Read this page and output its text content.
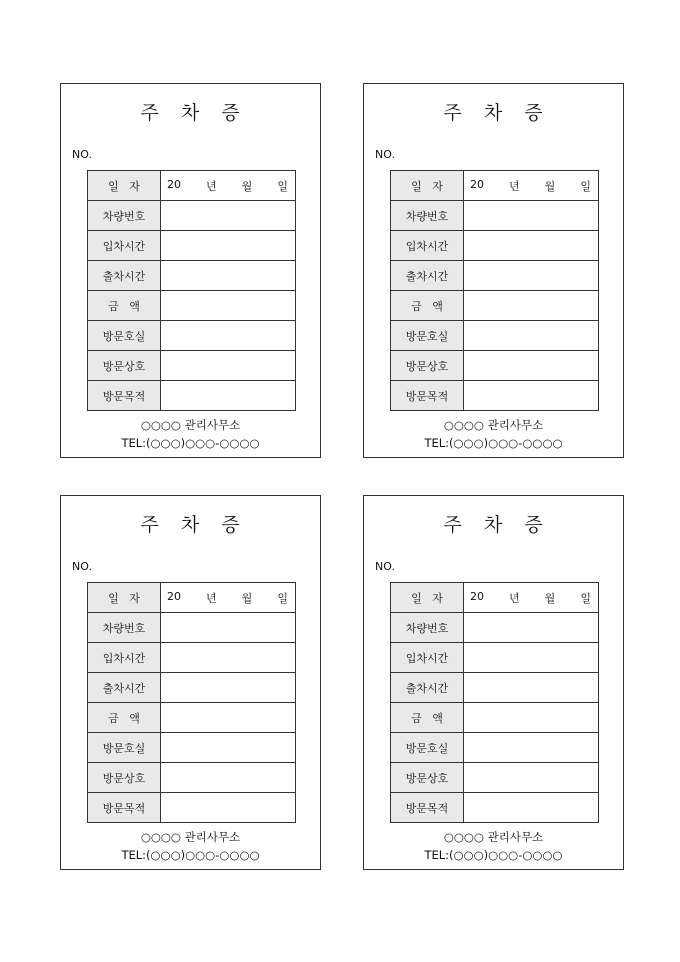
주 차 증
NO.
일   자	20 년 월 일

차량번호	
입차시간	
출차시간	
금   액	
방문호실	
방문상호	
방문목적	
○○○○ 관리사무소
TEL:(○○○)○○○-○○○○
주 차 증
NO.
일   자	20 년 월 일

차량번호	
입차시간	
출차시간	
금   액	
방문호실	
방문상호	
방문목적	
○○○○ 관리사무소
TEL:(○○○)○○○-○○○○
주 차 증
NO.
일   자	20 년 월 일

차량번호	
입차시간	
출차시간	
금   액	
방문호실	
방문상호	
방문목적	
○○○○ 관리사무소
TEL:(○○○)○○○-○○○○
주 차 증
NO.
일   자	20 년 월 일

차량번호	
입차시간	
출차시간	
금   액	
방문호실	
방문상호	
방문목적	
○○○○ 관리사무소
TEL:(○○○)○○○-○○○○
